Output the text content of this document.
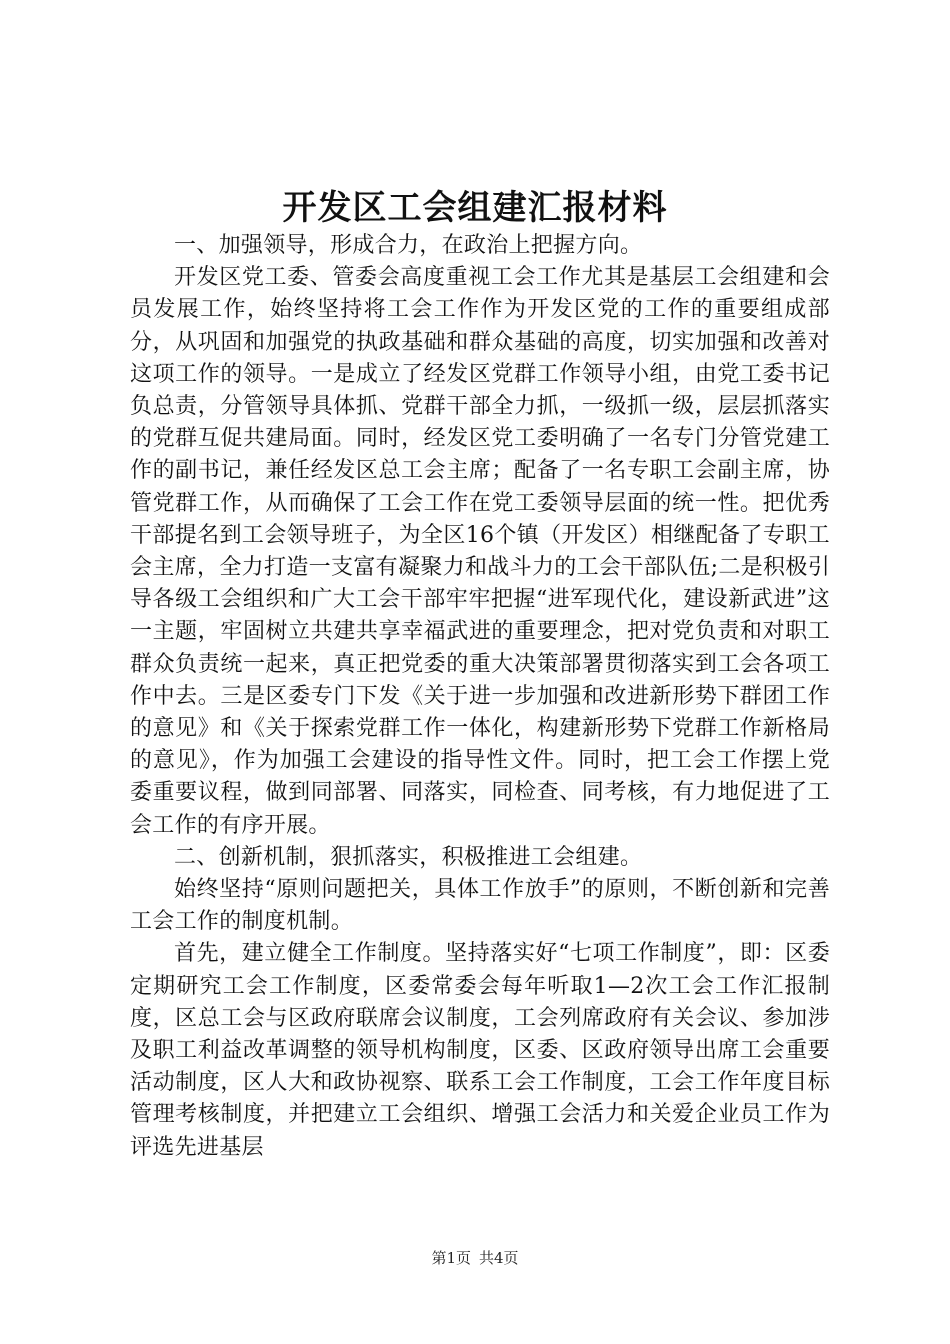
开发区工会组建汇报材料

一、加强领导，形成合力，在政治上把握方向。

开发区党工委、管委会高度重视工会工作尤其是基层工会组建和会员发展工作，始终坚持将工会工作作为开发区党的工作的重要组成部分，从巩固和加强党的执政基础和群众基础的高度，切实加强和改善对这项工作的领导。一是成立了经发区党群工作领导小组，由党工委书记负总责，分管领导具体抓、党群干部全力抓，一级抓一级，层层抓落实的党群互促共建局面。同时，经发区党工委明确了一名专门分管党建工作的副书记，兼任经发区总工会主席；配备了一名专职工会副主席，协管党群工作，从而确保了工会工作在党工委领导层面的统一性。把优秀干部提名到工会领导班子，为全区16个镇（开发区）相继配备了专职工会主席，全力打造一支富有凝聚力和战斗力的工会干部队伍;二是积极引导各级工会组织和广大工会干部牢牢把握“进军现代化，建设新武进”这一主题，牢固树立共建共享幸福武进的重要理念，把对党负责和对职工群众负责统一起来，真正把党委的重大决策部署贯彻落实到工会各项工作中去。三是区委专门下发《关于进一步加强和改进新形势下群团工作的意见》和《关于探索党群工作一体化，构建新形势下党群工作新格局的意见》，作为加强工会建设的指导性文件。同时，把工会工作摆上党委重要议程，做到同部署、同落实，同检查、同考核，有力地促进了工会工作的有序开展。

二、创新机制，狠抓落实，积极推进工会组建。

始终坚持“原则问题把关，具体工作放手”的原则，不断创新和完善工会工作的制度机制。

首先，建立健全工作制度。坚持落实好“七项工作制度”，即：区委定期研究工会工作制度，区委常委会每年听取1—2次工会工作汇报制度，区总工会与区政府联席会议制度，工会列席政府有关会议、参加涉及职工利益改革调整的领导机构制度，区委、区政府领导出席工会重要活动制度，区人大和政协视察、联系工会工作制度，工会工作年度目标管理考核制度，并把建立工会组织、增强工会活力和关爱企业员工作为评选先进基层

第1页 共4页
